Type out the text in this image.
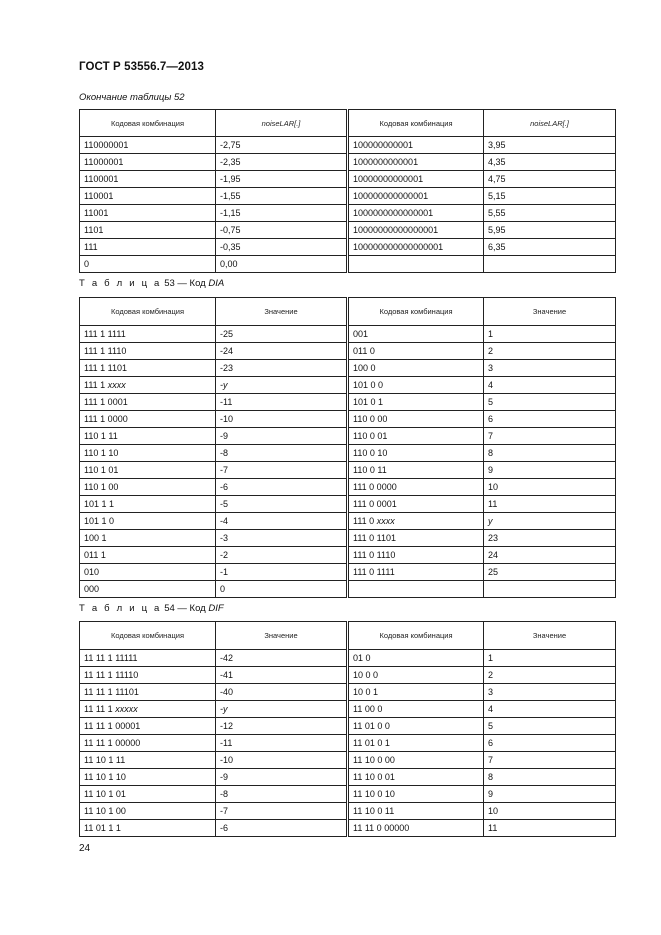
ГОСТ Р 53556.7—2013
Окончание таблицы 52
Кодовая комбинация	noiseLAR[.]	Кодовая комбинация	noiseLAR[.]
110000001	-2,75	100000000001	3,95
11000001	-2,35	1000000000001	4,35
1100001	-1,95	10000000000001	4,75
110001	-1,55	100000000000001	5,15
11001	-1,15	1000000000000001	5,55
1101	-0,75	10000000000000001	5,95
111	-0,35	100000000000000001	6,35
0	0,00		
Т а б л и ц а 53 — Код DIA
Кодовая комбинация	Значение	Кодовая комбинация	Значение
111 1 1111	-25	001	1
111 1 1110	-24	011 0	2
111 1 1101	-23	100 0	3
111 1 xxxx	-y	101 0 0	4
111 1 0001	-11	101 0 1	5
111 1 0000	-10	110 0 00	6
110 1 11	-9	110 0 01	7
110 1 10	-8	110 0 10	8
110 1 01	-7	110 0 11	9
110 1 00	-6	111 0 0000	10
101 1 1	-5	111 0 0001	11
101 1 0	-4	111 0 xxxx	y
100 1	-3	111 0 1101	23
011 1	-2	111 0 1110	24
010	-1	111 0 1111	25
000	0		
Т а б л и ц а 54 — Код DIF
Кодовая комбинация	Значение	Кодовая комбинация	Значение
11 11 1 11111	-42	01 0	1
11 11 1 11110	-41	10 0 0	2
11 11 1 11101	-40	10 0 1	3
11 11 1 xxxxx	-y	11 00 0	4
11 11 1 00001	-12	11 01 0 0	5
11 11 1 00000	-11	11 01 0 1	6
11 10 1 11	-10	11 10 0 00	7
11 10 1 10	-9	11 10 0 01	8
11 10 1 01	-8	11 10 0 10	9
11 10 1 00	-7	11 10 0 11	10
11 01 1 1	-6	11 11 0 00000	11
24
